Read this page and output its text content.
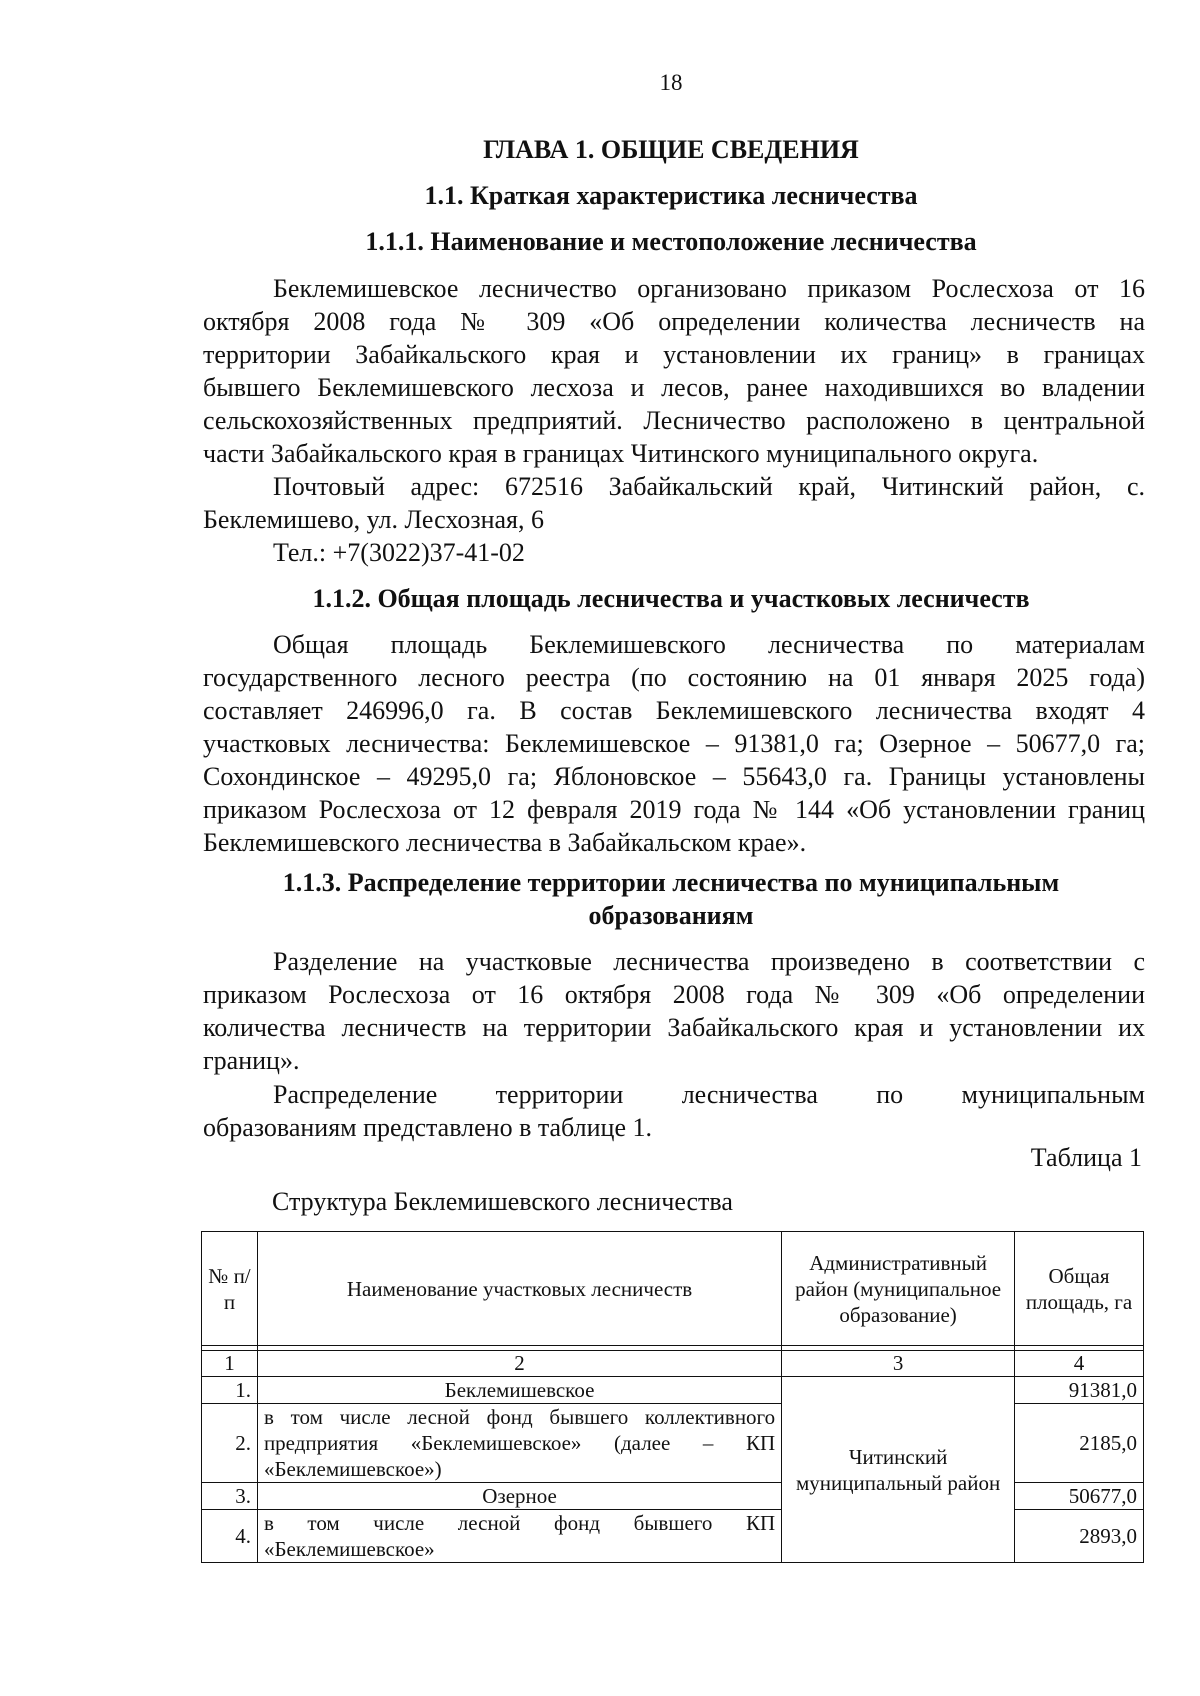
18
ГЛАВА 1. ОБЩИЕ СВЕДЕНИЯ
1.1. Краткая характеристика лесничества
1.1.1. Наименование и местоположение лесничества
Беклемишевское лесничество организовано приказом Рослесхоза от 16
октября 2008 года № 309 «Об определении количества лесничеств на
территории Забайкальского края и установлении их границ» в границах
бывшего Беклемишевского лесхоза и лесов, ранее находившихся во владении
сельскохозяйственных предприятий. Лесничество расположено в центральной
части Забайкальского края в границах Читинского муниципального округа.
Почтовый адрес: 672516 Забайкальский край, Читинский район, с.
Беклемишево, ул. Лесхозная, 6
Тел.: +7(3022)37-41-02
1.1.2. Общая площадь лесничества и участковых лесничеств
Общая площадь Беклемишевского лесничества по материалам
государственного лесного реестра (по состоянию на 01 января 2025 года)
составляет 246996,0 га. В состав Беклемишевского лесничества входят 4
участковых лесничества: Беклемишевское – 91381,0 га; Озерное – 50677,0 га;
Сохондинское – 49295,0 га; Яблоновское – 55643,0 га. Границы установлены
приказом Рослесхоза от 12 февраля 2019 года № 144 «Об установлении границ
Беклемишевского лесничества в Забайкальском крае».
1.1.3. Распределение территории лесничества по муниципальным
образованиям
Разделение на участковые лесничества произведено в соответствии с
приказом Рослесхоза от 16 октября 2008 года № 309 «Об определении
количества лесничеств на территории Забайкальского края и установлении их
границ».
Распределение территории лесничества по муниципальным
образованиям представлено в таблице 1.
Таблица 1
Структура Беклемишевского лесничества
№ п/п	Наименование участковых лесничеств	Административный район (муниципальное образование)	Общая площадь, га

1	2	3	4
1.	Беклемишевское	Читинский муниципальный район	91381,0
2.	в том числе лесной фонд бывшего коллективного предприятия «Беклемишевское» (далее – КП «Беклемишевское»)		2185,0
3.	Озерное		50677,0
4.	в том числе лесной фонд бывшего КП «Беклемишевское»		2893,0
